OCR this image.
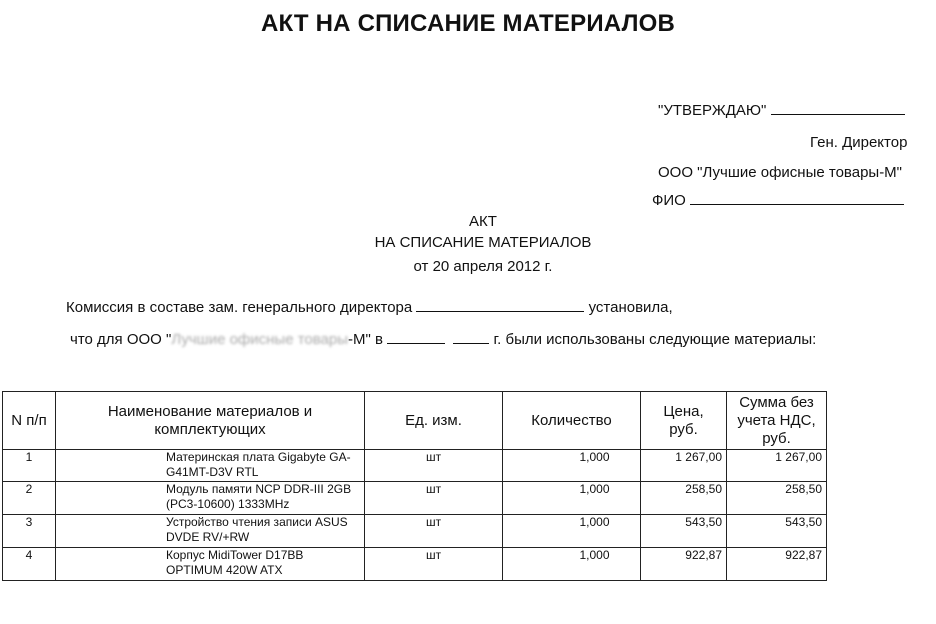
АКТ НА СПИСАНИЕ МАТЕРИАЛОВ
"УТВЕРЖДАЮ"
Ген. Директор
ООО "Лучшие офисные товары-М"
ФИО
АКТ
НА СПИСАНИЕ МАТЕРИАЛОВ
от 20 апреля 2012 г.
Комиссия в составе зам. генерального директора	установила,
что для ООО "Лучшие офисные товары-М" в	г. были использованы следующие материалы:
N п/п	Наименование материалов и комплектующих	Ед. изм.	Количество	Цена, руб.	Сумма без учета НДС, руб.
1	Материнская плата Gigabyte GA-G41MT-D3V RTL	шт	1,000	1 267,00	1 267,00
2	Модуль памяти NCP DDR-III 2GB (PC3-10600) 1333MHz	шт	1,000	258,50	258,50
3	Устройство чтения записи ASUS DVDE RV/+RW	шт	1,000	543,50	543,50
4	Корпус MidiTower D17BB OPTIMUM 420W ATX	шт	1,000	922,87	922,87
